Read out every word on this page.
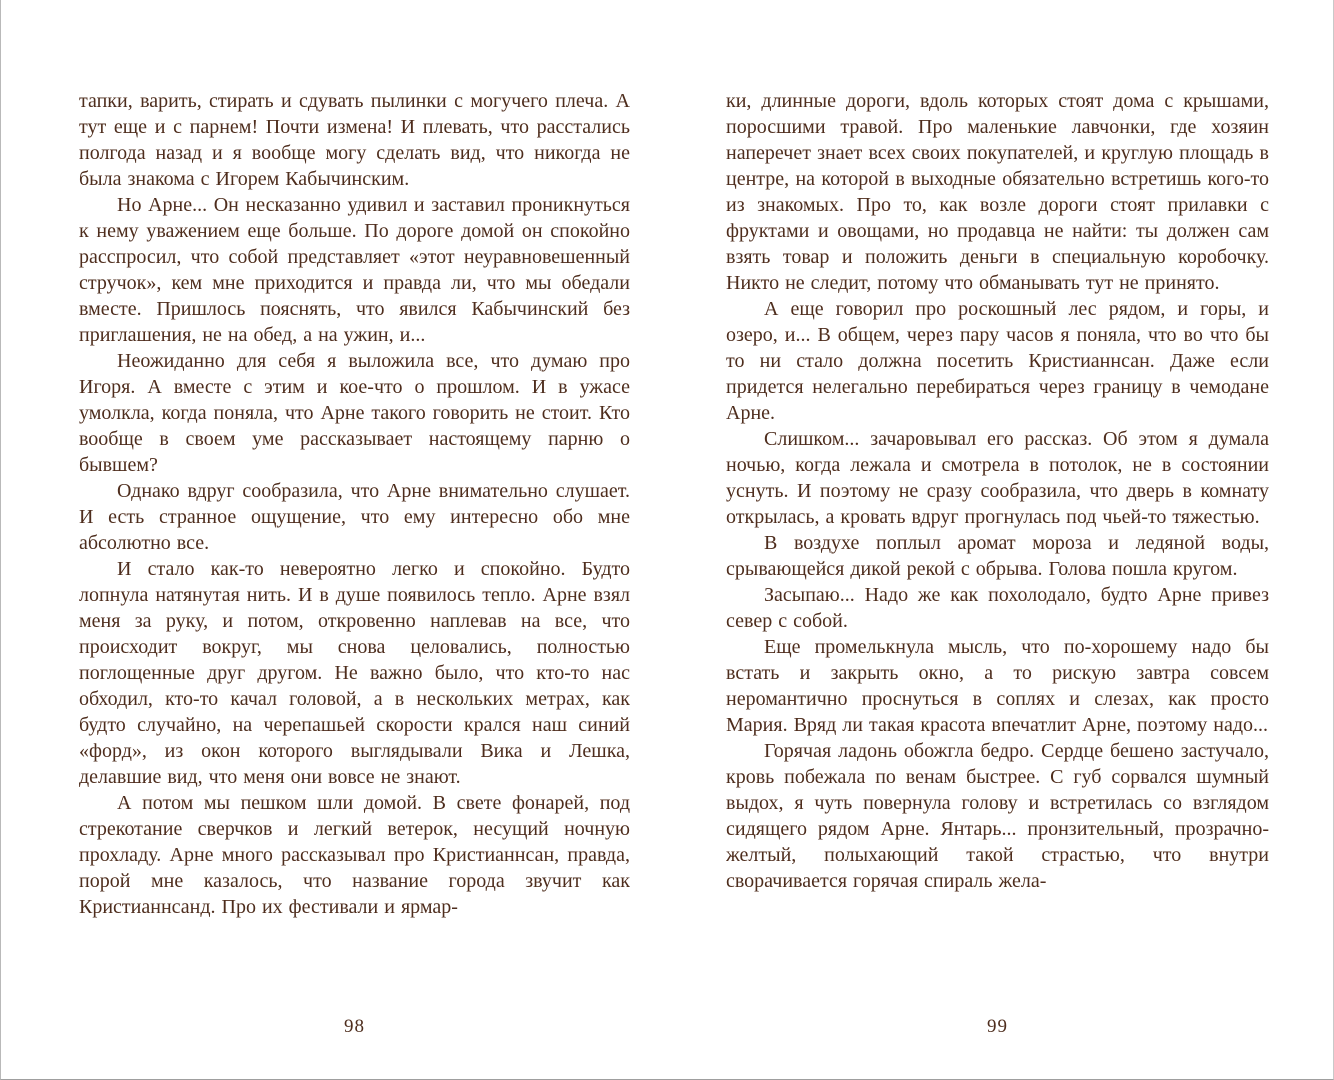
тапки, варить, стирать и сдувать пылинки с могучего плеча. А тут еще и с парнем! Почти измена! И плевать, что расстались полгода назад и я вообще могу сделать вид, что никогда не была знакома с Игорем Кабычинским.

Но Арне... Он несказанно удивил и заставил проникнуться к нему уважением еще больше. По дороге домой он спокойно расспросил, что собой представляет «этот неуравновешенный стручок», кем мне приходится и правда ли, что мы обедали вместе. Пришлось пояснять, что явился Кабычинский без приглашения, не на обед, а на ужин, и...

Неожиданно для себя я выложила все, что думаю про Игоря. А вместе с этим и кое-что о прошлом. И в ужасе умолкла, когда поняла, что Арне такого говорить не стоит. Кто вообще в своем уме рассказывает настоящему парню о бывшем?

Однако вдруг сообразила, что Арне внимательно слушает. И есть странное ощущение, что ему интересно обо мне абсолютно все.

И стало как-то невероятно легко и спокойно. Будто лопнула натянутая нить. И в душе появилось тепло. Арне взял меня за руку, и потом, откровенно наплевав на все, что происходит вокруг, мы снова целовались, полностью поглощенные друг другом. Не важно было, что кто-то нас обходил, кто-то качал головой, а в нескольких метрах, как будто случайно, на черепашьей скорости крался наш синий «форд», из окон которого выглядывали Вика и Лешка, делавшие вид, что меня они вовсе не знают.

А потом мы пешком шли домой. В свете фонарей, под стрекотание сверчков и легкий ветерок, несущий ночную прохладу. Арне много рассказывал про Кристианнсан, правда, порой мне казалось, что название города звучит как Кристианнсанд. Про их фестивали и ярмар-

98

ки, длинные дороги, вдоль которых стоят дома с крышами, поросшими травой. Про маленькие лавчонки, где хозяин наперечет знает всех своих покупателей, и круглую площадь в центре, на которой в выходные обязательно встретишь кого-то из знакомых. Про то, как возле дороги стоят прилавки с фруктами и овощами, но продавца не найти: ты должен сам взять товар и положить деньги в специальную коробочку. Никто не следит, потому что обманывать тут не принято.

А еще говорил про роскошный лес рядом, и горы, и озеро, и... В общем, через пару часов я поняла, что во что бы то ни стало должна посетить Кристианнсан. Даже если придется нелегально перебираться через границу в чемодане Арне.

Слишком... зачаровывал его рассказ. Об этом я думала ночью, когда лежала и смотрела в потолок, не в состоянии уснуть. И поэтому не сразу сообразила, что дверь в комнату открылась, а кровать вдруг прогнулась под чьей-то тяжестью.

В воздухе поплыл аромат мороза и ледяной воды, срывающейся дикой рекой с обрыва. Голова пошла кругом.

Засыпаю... Надо же как похолодало, будто Арне привез север с собой.

Еще промелькнула мысль, что по-хорошему надо бы встать и закрыть окно, а то рискую завтра совсем неромантично проснуться в соплях и слезах, как просто Мария. Вряд ли такая красота впечатлит Арне, поэтому надо...

Горячая ладонь обожгла бедро. Сердце бешено застучало, кровь побежала по венам быстрее. С губ сорвался шумный выдох, я чуть повернула голову и встретилась со взглядом сидящего рядом Арне. Янтарь... пронзительный, прозрачно-желтый, полыхающий такой страстью, что внутри сворачивается горячая спираль жела-

99
